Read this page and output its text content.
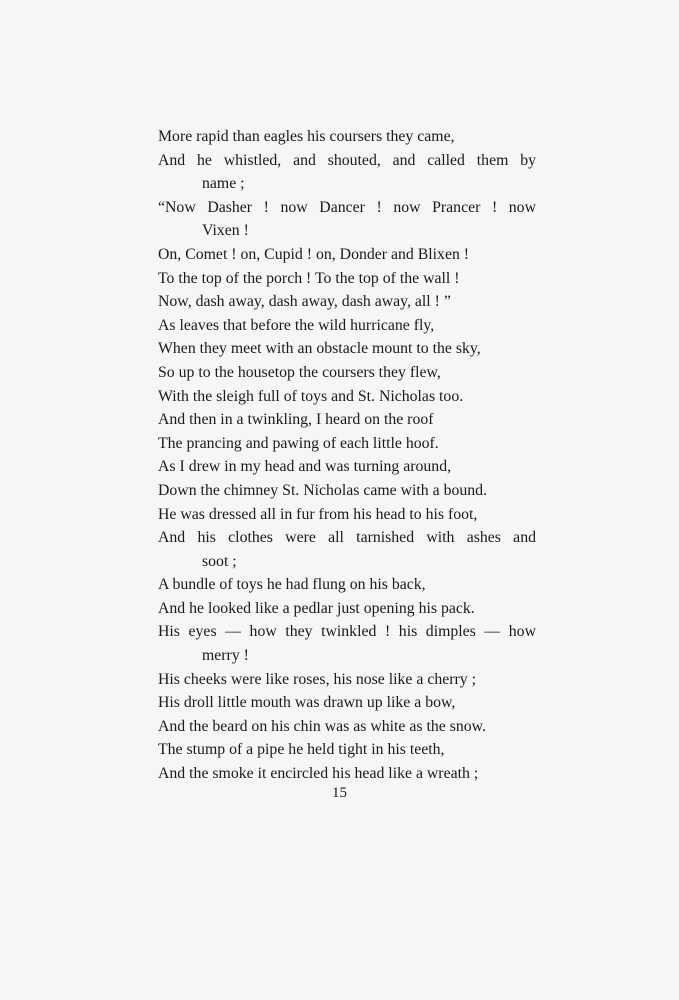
More rapid than eagles his coursers they came,
And he whistled, and shouted, and called them by
name ;
“Now Dasher ! now Dancer ! now Prancer ! now
Vixen !
On, Comet ! on, Cupid ! on, Donder and Blixen !
To the top of the porch ! To the top of the wall !
Now, dash away, dash away, dash away, all ! ”
As leaves that before the wild hurricane fly,
When they meet with an obstacle mount to the sky,
So up to the housetop the coursers they flew,
With the sleigh full of toys and St. Nicholas too.
And then in a twinkling, I heard on the roof
The prancing and pawing of each little hoof.
As I drew in my head and was turning around,
Down the chimney St. Nicholas came with a bound.
He was dressed all in fur from his head to his foot,
And his clothes were all tarnished with ashes and
soot ;
A bundle of toys he had flung on his back,
And he looked like a pedlar just opening his pack.
His eyes — how they twinkled ! his dimples — how
merry !
His cheeks were like roses, his nose like a cherry ;
His droll little mouth was drawn up like a bow,
And the beard on his chin was as white as the snow.
The stump of a pipe he held tight in his teeth,
And the smoke it encircled his head like a wreath ;
15
